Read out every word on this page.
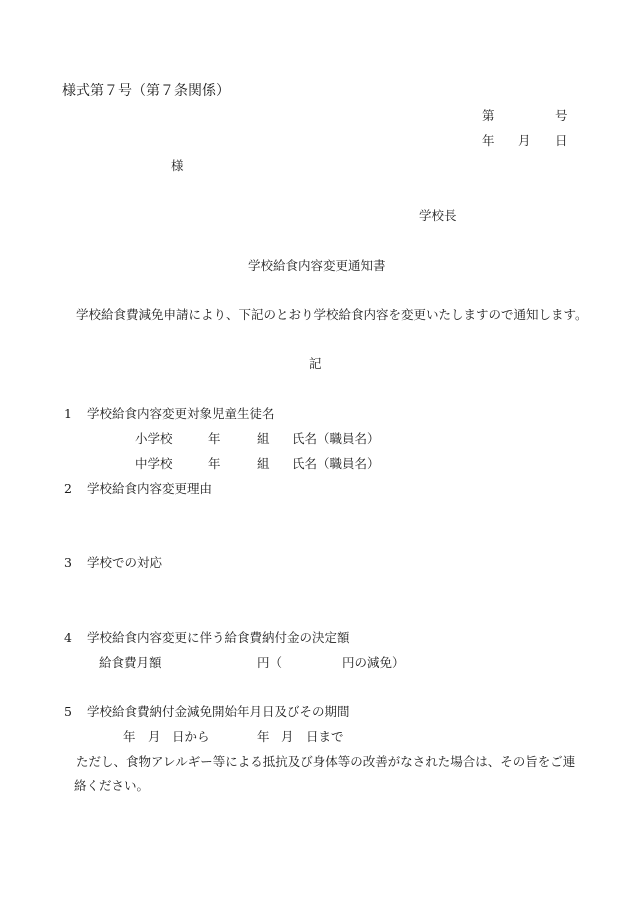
様式第７号（第７条関係）
第	号
年 月 日
様
学校長
学校給食内容変更通知書
学校給食費減免申請により、下記のとおり学校給食内容を変更いたしますので通知します。
記
1 学校給食内容変更対象児童生徒名
小学校	年	組 氏名（職員名）
中学校	年	組 氏名（職員名）
2 学校給食内容変更理由
3 学校での対応
4 学校給食内容変更に伴う給食費納付金の決定額
給食費月額	円（	円の減免）
5 学校給食費納付金減免開始年月日及びその期間
年 月 日から	年 月 日まで
ただし、食物アレルギー等による抵抗及び身体等の改善がなされた場合は、その旨をご連
絡ください。
